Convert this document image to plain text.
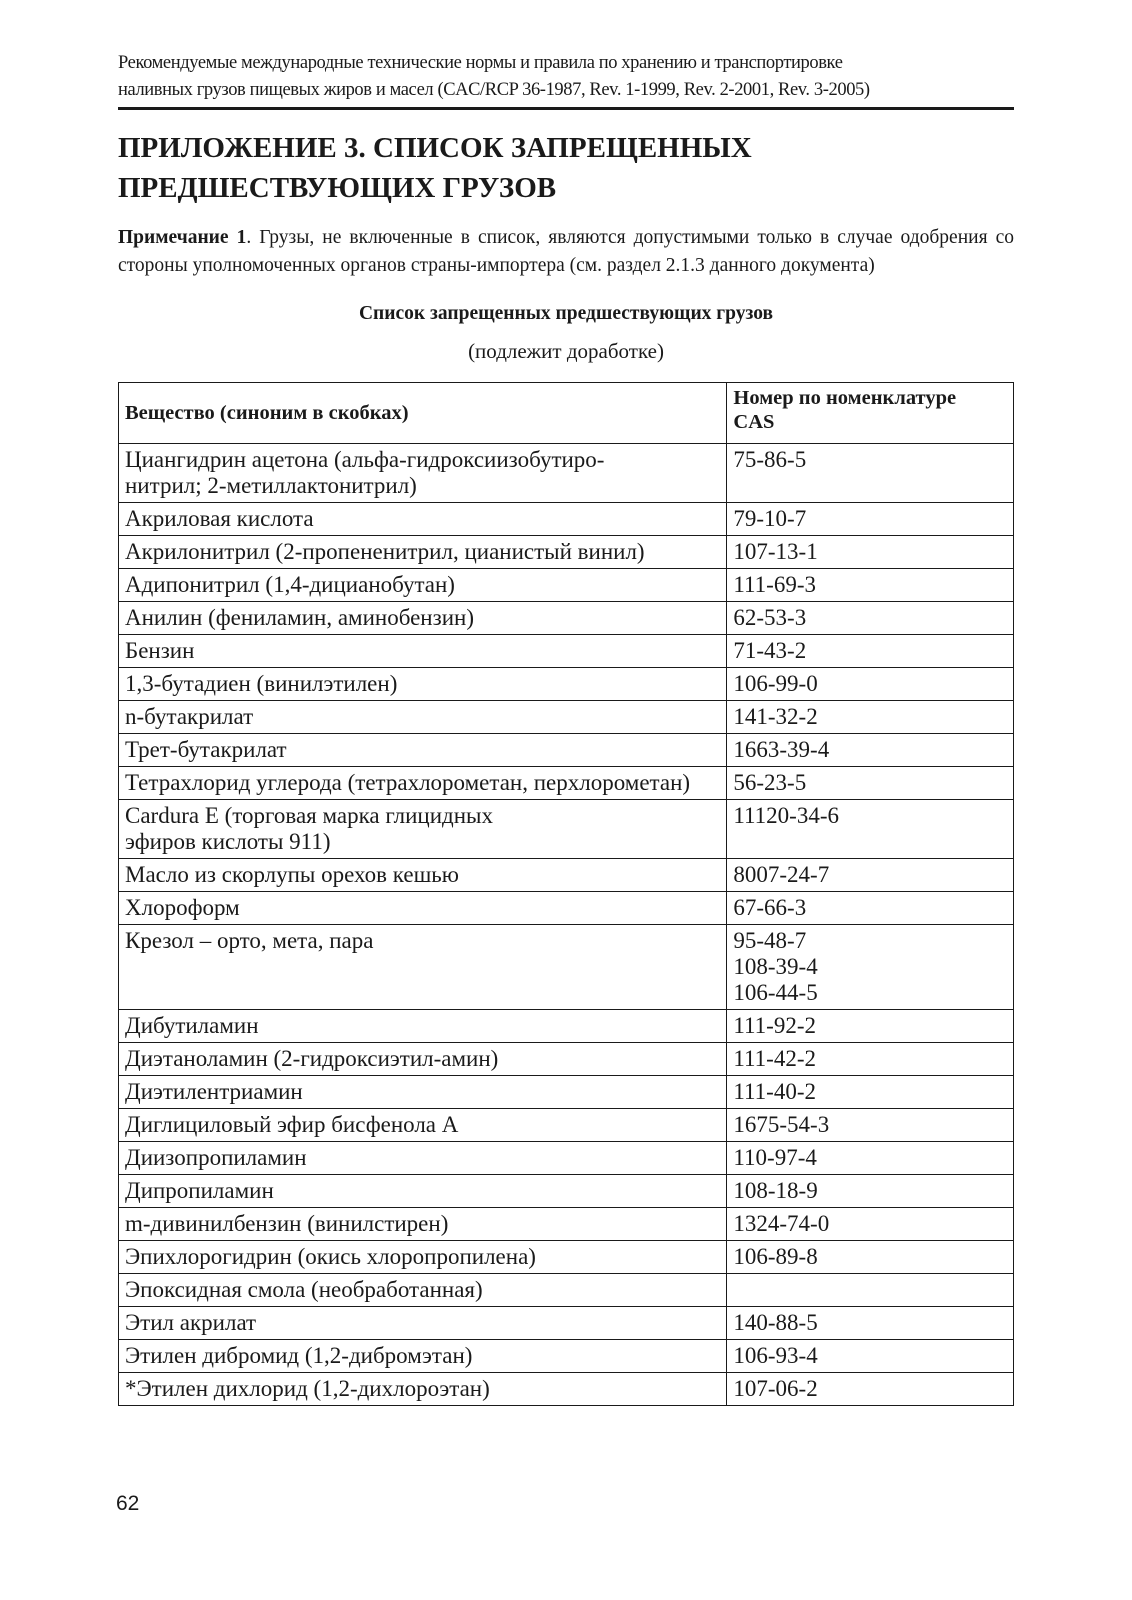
Рекомендуемые международные технические нормы и правила по хранению и транспортировке
наливных грузов пищевых жиров и масел (CAC/RCP 36-1987, Rev. 1-1999, Rev. 2-2001, Rev. 3-2005)
ПРИЛОЖЕНИЕ 3. СПИСОК ЗАПРЕЩЕННЫХ
ПРЕДШЕСТВУЮЩИХ ГРУЗОВ

Примечание 1. Грузы, не включенные в список, являются допустимыми только в случае одобрения со стороны уполномоченных органов страны-импортера (см. раздел 2.1.3 данного документа)

Список запрещенных предшествующих грузов
(подлежит доработке)
Вещество (синоним в скобках)	Номер по номенклатуре
CAS

Циангидрин ацетона (альфа-гидроксиизобутиро-
нитрил; 2-метиллактонитрил)	75-86-5

Акриловая кислота	79-10-7

Акрилонитрил (2-пропененитрил, цианистый винил)	107-13-1

Адипонитрил (1,4-дицианобутан)	111-69-3

Анилин (фениламин, аминобензин)	62-53-3

Бензин	71-43-2

1,3-бутадиен (винилэтилен)	106-99-0

n-бутакрилат	141-32-2

Трет-бутакрилат	1663-39-4

Тетрахлорид углерода (тетрахлорометан, перхлорометан)	56-23-5

Cardura E (торговая марка глицидных
эфиров кислоты 911)	11120-34-6

Масло из скорлупы орехов кешью	8007-24-7

Хлороформ	67-66-3

Крезол – орто, мета, пара	95-48-7
108-39-4
106-44-5

Дибутиламин	111-92-2

Диэтаноламин (2-гидроксиэтил-амин)	111-42-2

Диэтилентриамин	111-40-2

Диглициловый эфир бисфенола А	1675-54-3

Диизопропиламин	110-97-4

Дипропиламин	108-18-9

m-дивинилбензин (винилстирен)	1324-74-0

Эпихлорогидрин (окись хлоропропилена)	106-89-8

Эпоксидная смола (необработанная)	

Этил акрилат	140-88-5

Этилен дибромид (1,2-дибромэтан)	106-93-4

*Этилен дихлорид (1,2-дихлороэтан)	107-06-2
62
